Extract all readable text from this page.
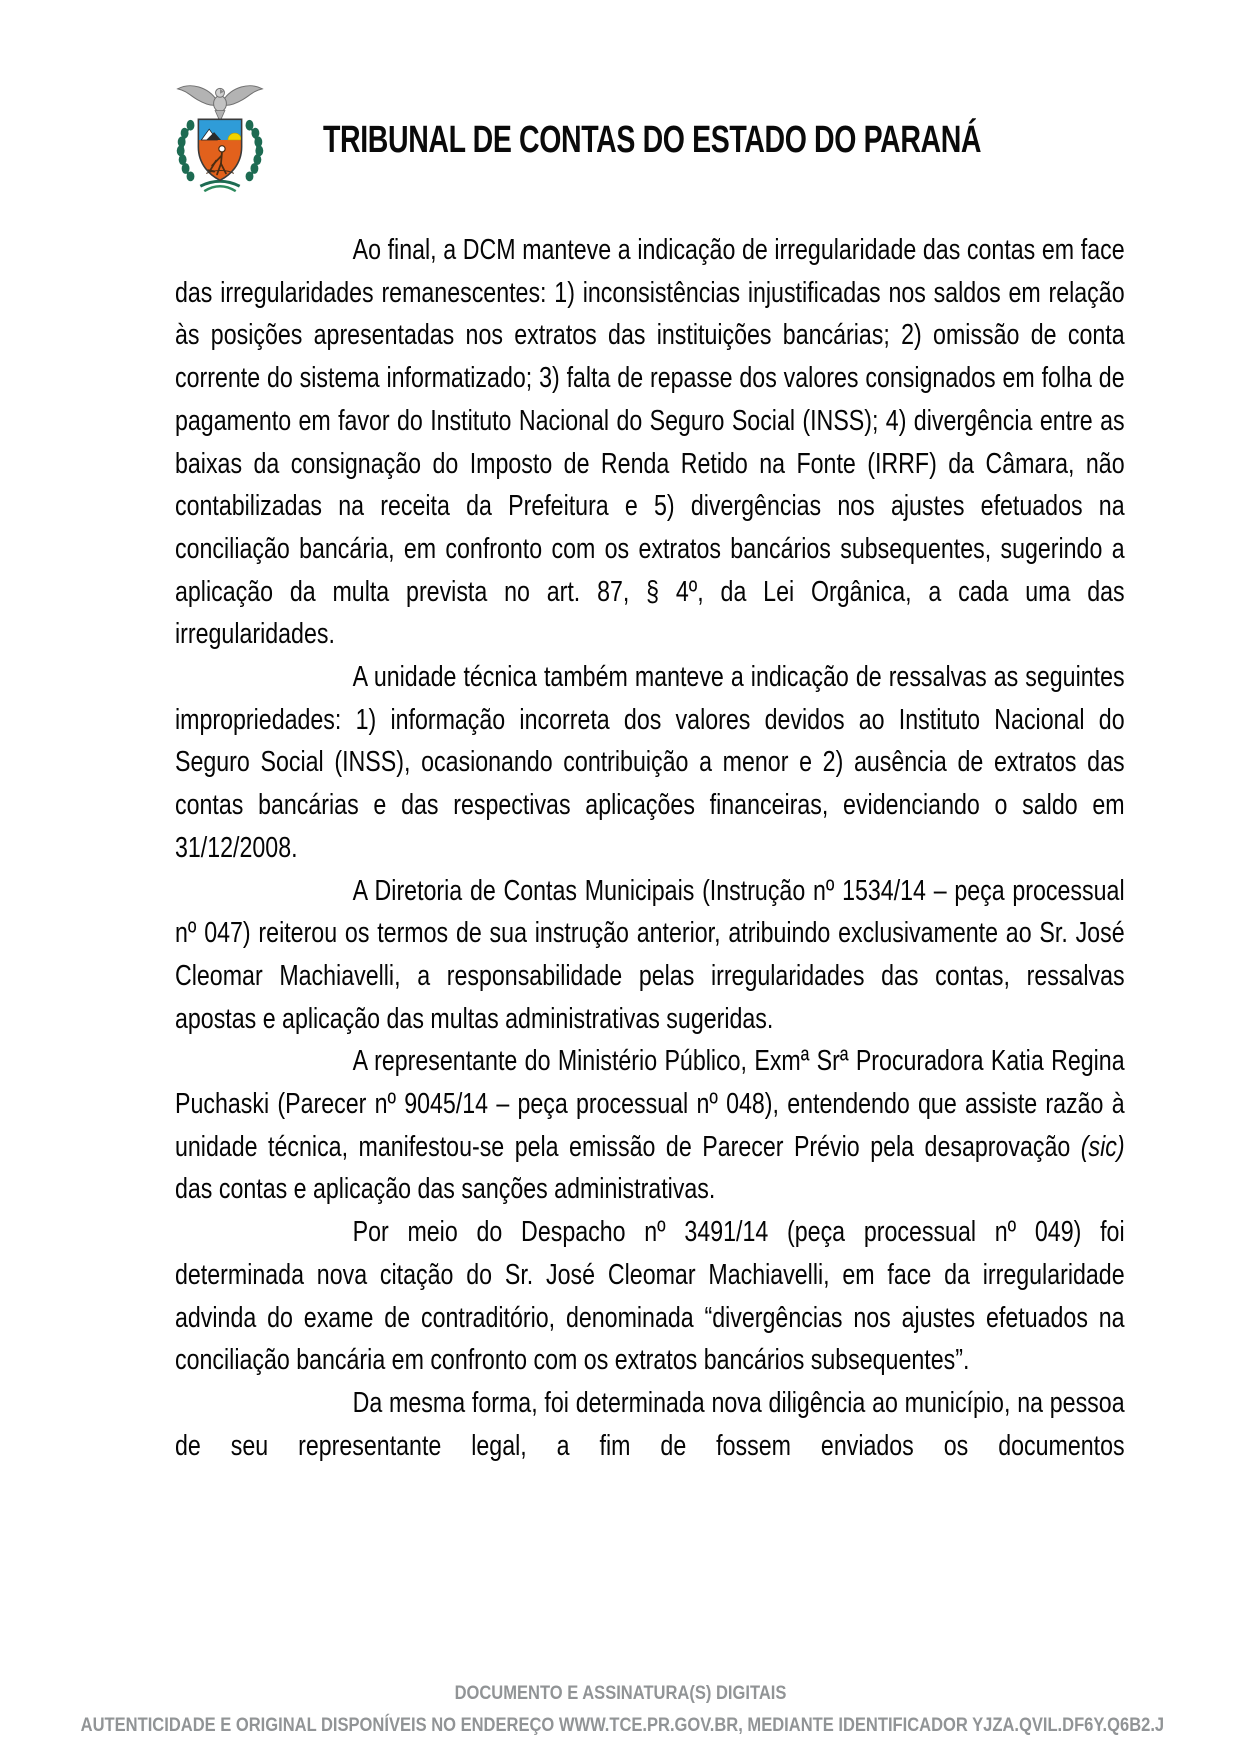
TRIBUNAL DE CONTAS DO ESTADO DO PARANÁ

Ao final, a DCM manteve a indicação de irregularidade das contas em face das irregularidades remanescentes: 1) inconsistências injustificadas nos saldos em relação às posições apresentadas nos extratos das instituições bancárias; 2) omissão de conta corrente do sistema informatizado; 3) falta de repasse dos valores consignados em folha de pagamento em favor do Instituto Nacional do Seguro Social (INSS); 4) divergência entre as baixas da consignação do Imposto de Renda Retido na Fonte (IRRF) da Câmara, não contabilizadas na receita da Prefeitura e 5) divergências nos ajustes efetuados na conciliação bancária, em confronto com os extratos bancários subsequentes, sugerindo a aplicação da multa prevista no art. 87, § 4º, da Lei Orgânica, a cada uma das irregularidades.

A unidade técnica também manteve a indicação de ressalvas as seguintes impropriedades: 1) informação incorreta dos valores devidos ao Instituto Nacional do Seguro Social (INSS), ocasionando contribuição a menor e 2) ausência de extratos das contas bancárias e das respectivas aplicações financeiras, evidenciando o saldo em 31/12/2008.

A Diretoria de Contas Municipais (Instrução nº 1534/14 – peça processual nº 047) reiterou os termos de sua instrução anterior, atribuindo exclusivamente ao Sr. José Cleomar Machiavelli, a responsabilidade pelas irregularidades das contas, ressalvas apostas e aplicação das multas administrativas sugeridas.

A representante do Ministério Público, Exmª Srª Procuradora Katia Regina Puchaski (Parecer nº 9045/14 – peça processual nº 048), entendendo que assiste razão à unidade técnica, manifestou-se pela emissão de Parecer Prévio pela desaprovação (sic) das contas e aplicação das sanções administrativas.

Por meio do Despacho nº 3491/14 (peça processual nº 049) foi determinada nova citação do Sr. José Cleomar Machiavelli, em face da irregularidade advinda do exame de contraditório, denominada “divergências nos ajustes efetuados na conciliação bancária em confronto com os extratos bancários subsequentes”.

Da mesma forma, foi determinada nova diligência ao município, na pessoa de seu representante legal, a fim de fossem enviados os documentos

DOCUMENTO E ASSINATURA(S) DIGITAIS
AUTENTICIDADE E ORIGINAL DISPONÍVEIS NO ENDEREÇO WWW.TCE.PR.GOV.BR, MEDIANTE IDENTIFICADOR YJZA.QVIL.DF6Y.Q6B2.J
